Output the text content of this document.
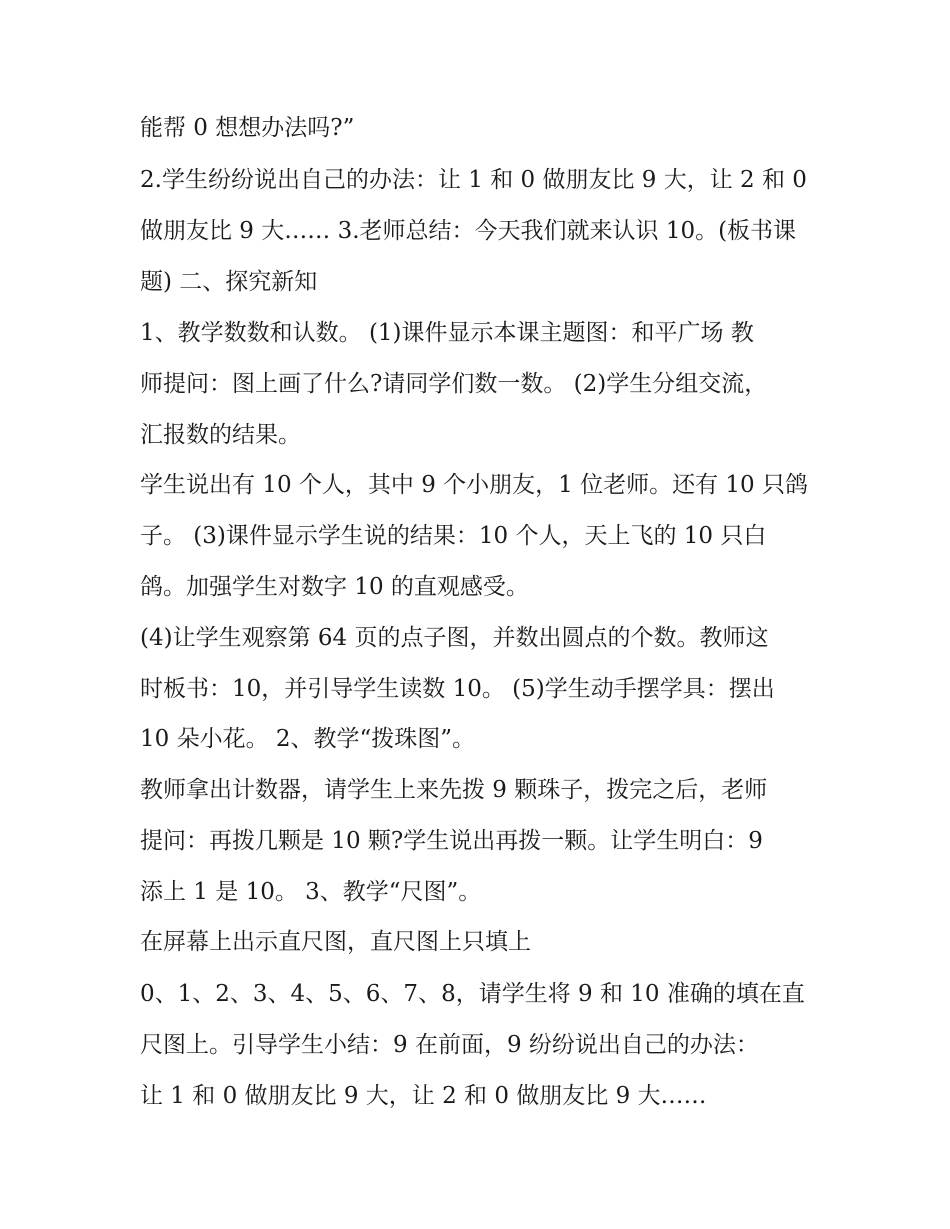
能帮 0 想想办法吗?”
2.学生纷纷说出自己的办法：让 1 和 0 做朋友比 9 大，让 2 和 0
做朋友比 9 大…… 3.老师总结：今天我们就来认识 10。(板书课
题) 二、探究新知
1、教学数数和认数。 (1)课件显示本课主题图：和平广场 教
师提问：图上画了什么?请同学们数一数。 (2)学生分组交流，
汇报数的结果。
学生说出有 10 个人，其中 9 个小朋友，1 位老师。还有 10 只鸽
子。 (3)课件显示学生说的结果：10 个人，天上飞的 10 只白
鸽。加强学生对数字 10 的直观感受。
(4)让学生观察第 64 页的点子图，并数出圆点的个数。教师这
时板书：10，并引导学生读数 10。 (5)学生动手摆学具：摆出
10 朵小花。 2、教学“拨珠图”。
教师拿出计数器，请学生上来先拨 9 颗珠子，拨完之后，老师
提问：再拨几颗是 10 颗?学生说出再拨一颗。让学生明白：9
添上 1 是 10。 3、教学“尺图”。
在屏幕上出示直尺图，直尺图上只填上
0、1、2、3、4、5、6、7、8，请学生将 9 和 10 准确的填在直
尺图上。引导学生小结：9 在前面，9 纷纷说出自己的办法：
让 1 和 0 做朋友比 9 大，让 2 和 0 做朋友比 9 大……
